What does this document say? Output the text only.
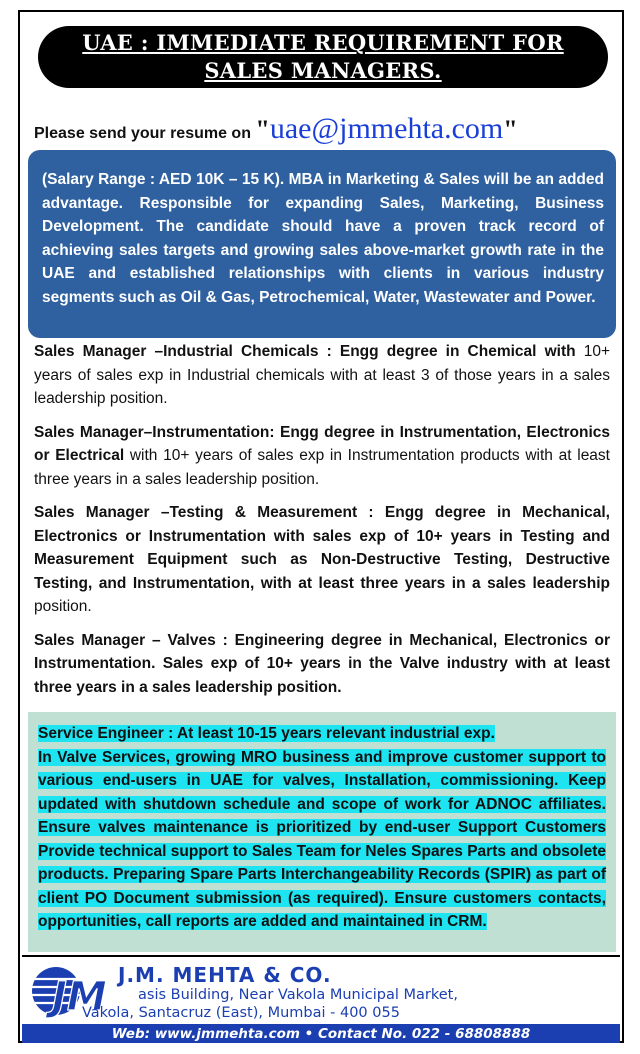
UAE : IMMEDIATE REQUIREMENT FOR
SALES MANAGERS.
Please send your resume on "uae@jmmehta.com"

(Salary Range : AED 10K – 15 K). MBA in Marketing & Sales will be an added advantage. Responsible for expanding Sales, Marketing, Business Development. The candidate should have a proven track record of achieving sales targets and growing sales above-market growth rate in the UAE and established relationships with clients in various industry segments such as Oil & Gas, Petrochemical, Water, Wastewater and Power.

Sales Manager –Industrial Chemicals : Engg degree in Chemical with 10+ years of sales exp in Industrial chemicals with at least 3 of those years in a sales leadership position.

Sales Manager–Instrumentation: Engg degree in Instrumentation, Electronics or Electrical with 10+ years of sales exp in Instrumentation products with at least three years in a sales leadership position.

Sales Manager –Testing & Measurement : Engg degree in Mechanical, Electronics or Instrumentation with sales exp of 10+ years in Testing and Measurement Equipment such as Non-Destructive Testing, Destructive Testing, and Instrumentation, with at least three years in a sales leadership position.

Sales Manager – Valves : Engineering degree in Mechanical, Electronics or Instrumentation. Sales exp of 10+ years in the Valve industry with at least three years in a sales leadership position.

Service Engineer : At least 10-15 years relevant industrial exp.
In Valve Services, growing MRO business and improve customer support to various end-users in UAE for valves, Installation, commissioning. Keep updated with shutdown schedule and scope of work for ADNOC affiliates. Ensure valves maintenance is prioritized by end-user Support Customers Provide technical support to Sales Team for Neles Spares Parts and obsolete products. Preparing Spare Parts Interchangeability Records (SPIR) as part of client PO Document submission (as required). Ensure customers contacts, opportunities, call reports are added and maintained in CRM.
JM J.M. MEHTA & CO.
asis Building, Near Vakola Municipal Market,
Vakola, Santacruz (East), Mumbai - 400 055
Web: www.jmmehta.com • Contact No. 022 - 68808888
